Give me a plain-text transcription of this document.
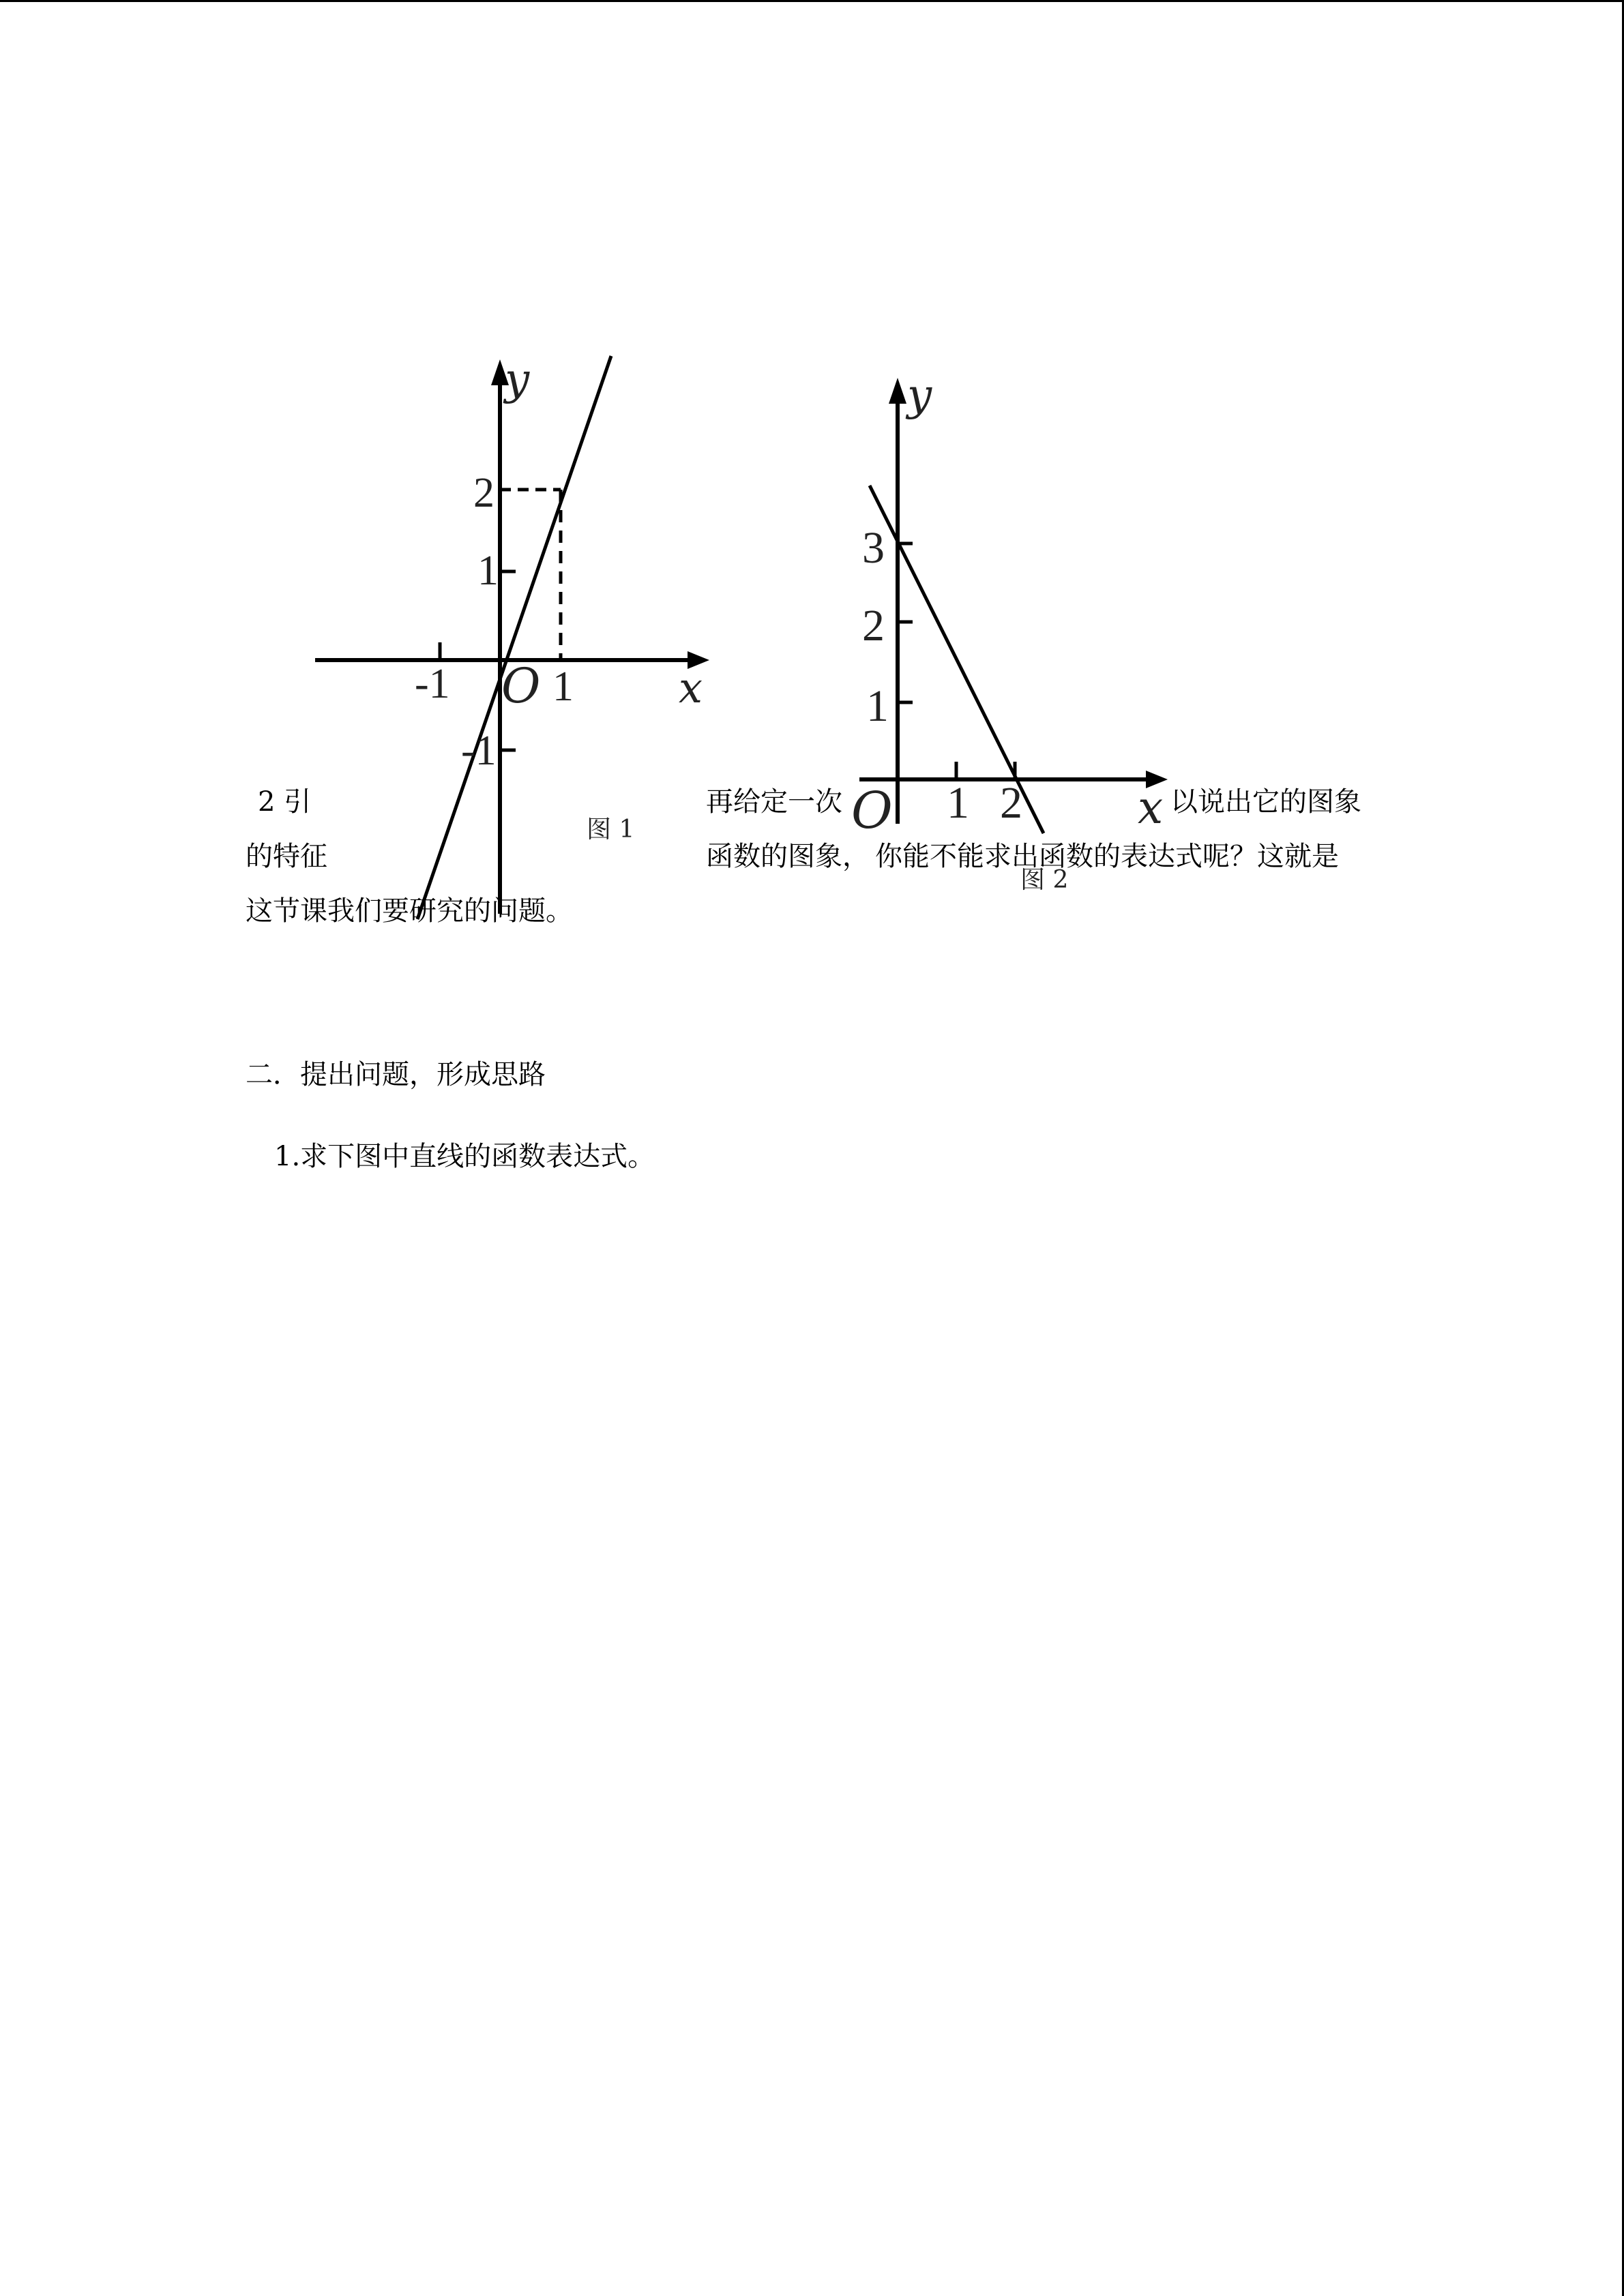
2 引	再给定一次	以说出它的图象
的特征	函数的图象， 你能不能求出函数的表达式呢？这就是
这节课我们要研究的问题。
二．提出问题，形成思路
1.求下图中直线的函数表达式。
y
x
O
-1 1
2
1
-1
图 1
y
x
O 1 2
3
2
1
图 2
